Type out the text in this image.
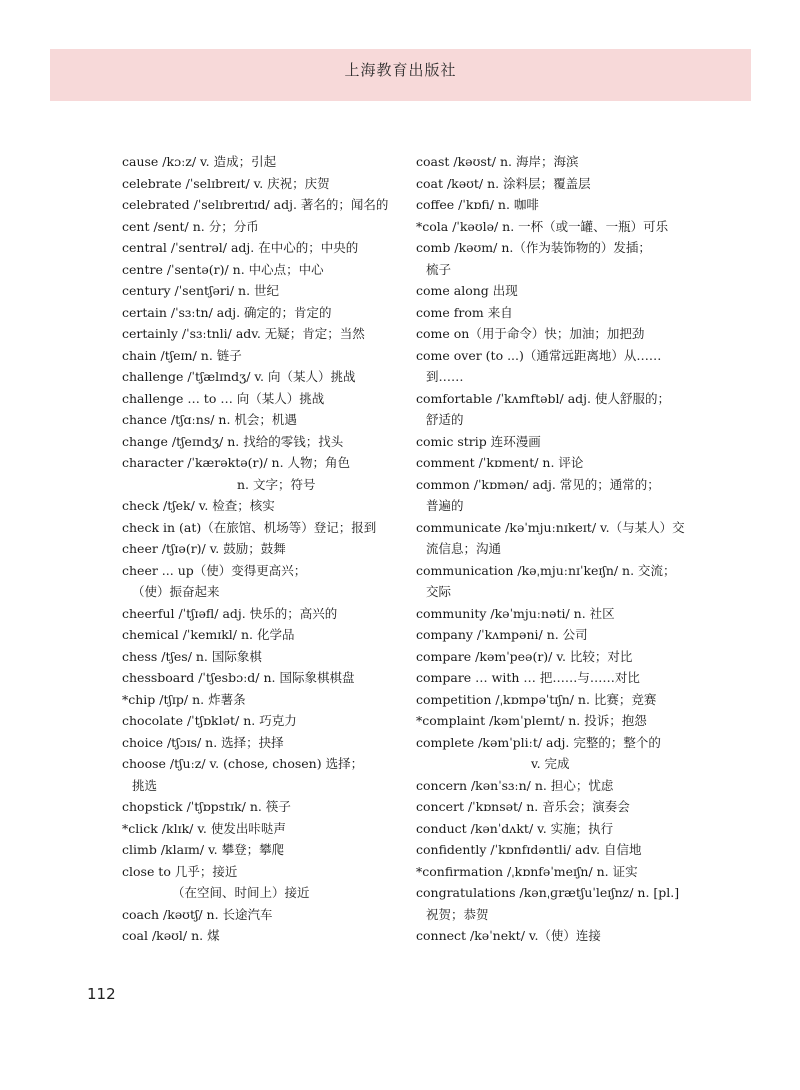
上海教育出版社
cause /kɔːz/ v. 造成；引起
celebrate /ˈselɪbreɪt/ v. 庆祝；庆贺
celebrated /ˈselɪbreɪtɪd/ adj. 著名的；闻名的
cent /sent/ n. 分；分币
central /ˈsentrəl/ adj. 在中心的；中央的
centre /ˈsentə(r)/ n. 中心点；中心
century /ˈsentʃəri/ n. 世纪
certain /ˈsɜːtn/ adj. 确定的；肯定的
certainly /ˈsɜːtnli/ adv. 无疑；肯定；当然
chain /tʃeɪn/ n. 链子
challenge /ˈtʃælɪndʒ/ v. 向（某人）挑战
challenge … to … 向（某人）挑战
chance /tʃɑːns/ n. 机会；机遇
change /tʃeɪndʒ/ n. 找给的零钱；找头
character /ˈkærəktə(r)/ n. 人物；角色
n. 文字；符号
check /tʃek/ v. 检查；核实
check in (at)（在旅馆、机场等）登记；报到
cheer /tʃɪə(r)/ v. 鼓励；鼓舞
cheer ... up（使）变得更高兴；
（使）振奋起来
cheerful /ˈtʃɪəfl/ adj. 快乐的；高兴的
chemical /ˈkemɪkl/ n. 化学品
chess /tʃes/ n. 国际象棋
chessboard /ˈtʃesbɔːd/ n. 国际象棋棋盘
*chip /tʃɪp/ n. 炸薯条
chocolate /ˈtʃɒklət/ n. 巧克力
choice /tʃɔɪs/ n. 选择；抉择
choose /tʃuːz/ v. (chose, chosen) 选择；
挑选
chopstick /ˈtʃɒpstɪk/ n. 筷子
*click /klɪk/ v. 使发出咔哒声
climb /klaɪm/ v. 攀登；攀爬
close to 几乎；接近
（在空间、时间上）接近
coach /kəʊtʃ/ n. 长途汽车
coal /kəʊl/ n. 煤
coast /kəʊst/ n. 海岸；海滨
coat /kəʊt/ n. 涂料层；覆盖层
coffee /ˈkɒfi/ n. 咖啡
*cola /ˈkəʊlə/ n. 一杯（或一罐、一瓶）可乐
comb /kəʊm/ n.（作为装饰物的）发插；
梳子
come along 出现
come from 来自
come on（用于命令）快；加油；加把劲
come over (to ...)（通常远距离地）从……
到……
comfortable /ˈkʌmftəbl/ adj. 使人舒服的；
舒适的
comic strip 连环漫画
comment /ˈkɒment/ n. 评论
common /ˈkɒmən/ adj. 常见的；通常的；
普遍的
communicate /kəˈmjuːnɪkeɪt/ v.（与某人）交
流信息；沟通
communication /kəˌmjuːnɪˈkeɪʃn/ n. 交流；
交际
community /kəˈmjuːnəti/ n. 社区
company /ˈkʌmpəni/ n. 公司
compare /kəmˈpeə(r)/ v. 比较；对比
compare … with … 把……与……对比
competition /ˌkɒmpəˈtɪʃn/ n. 比赛；竞赛
*complaint /kəmˈpleɪnt/ n. 投诉；抱怨
complete /kəmˈpliːt/ adj. 完整的；整个的
v. 完成
concern /kənˈsɜːn/ n. 担心；忧虑
concert /ˈkɒnsət/ n. 音乐会；演奏会
conduct /kənˈdʌkt/ v. 实施；执行
confidently /ˈkɒnfɪdəntli/ adv. 自信地
*confirmation /ˌkɒnfəˈmeɪʃn/ n. 证实
congratulations /kənˌɡrætʃuˈleɪʃnz/ n. [pl.]
祝贺；恭贺
connect /kəˈnekt/ v.（使）连接
112
